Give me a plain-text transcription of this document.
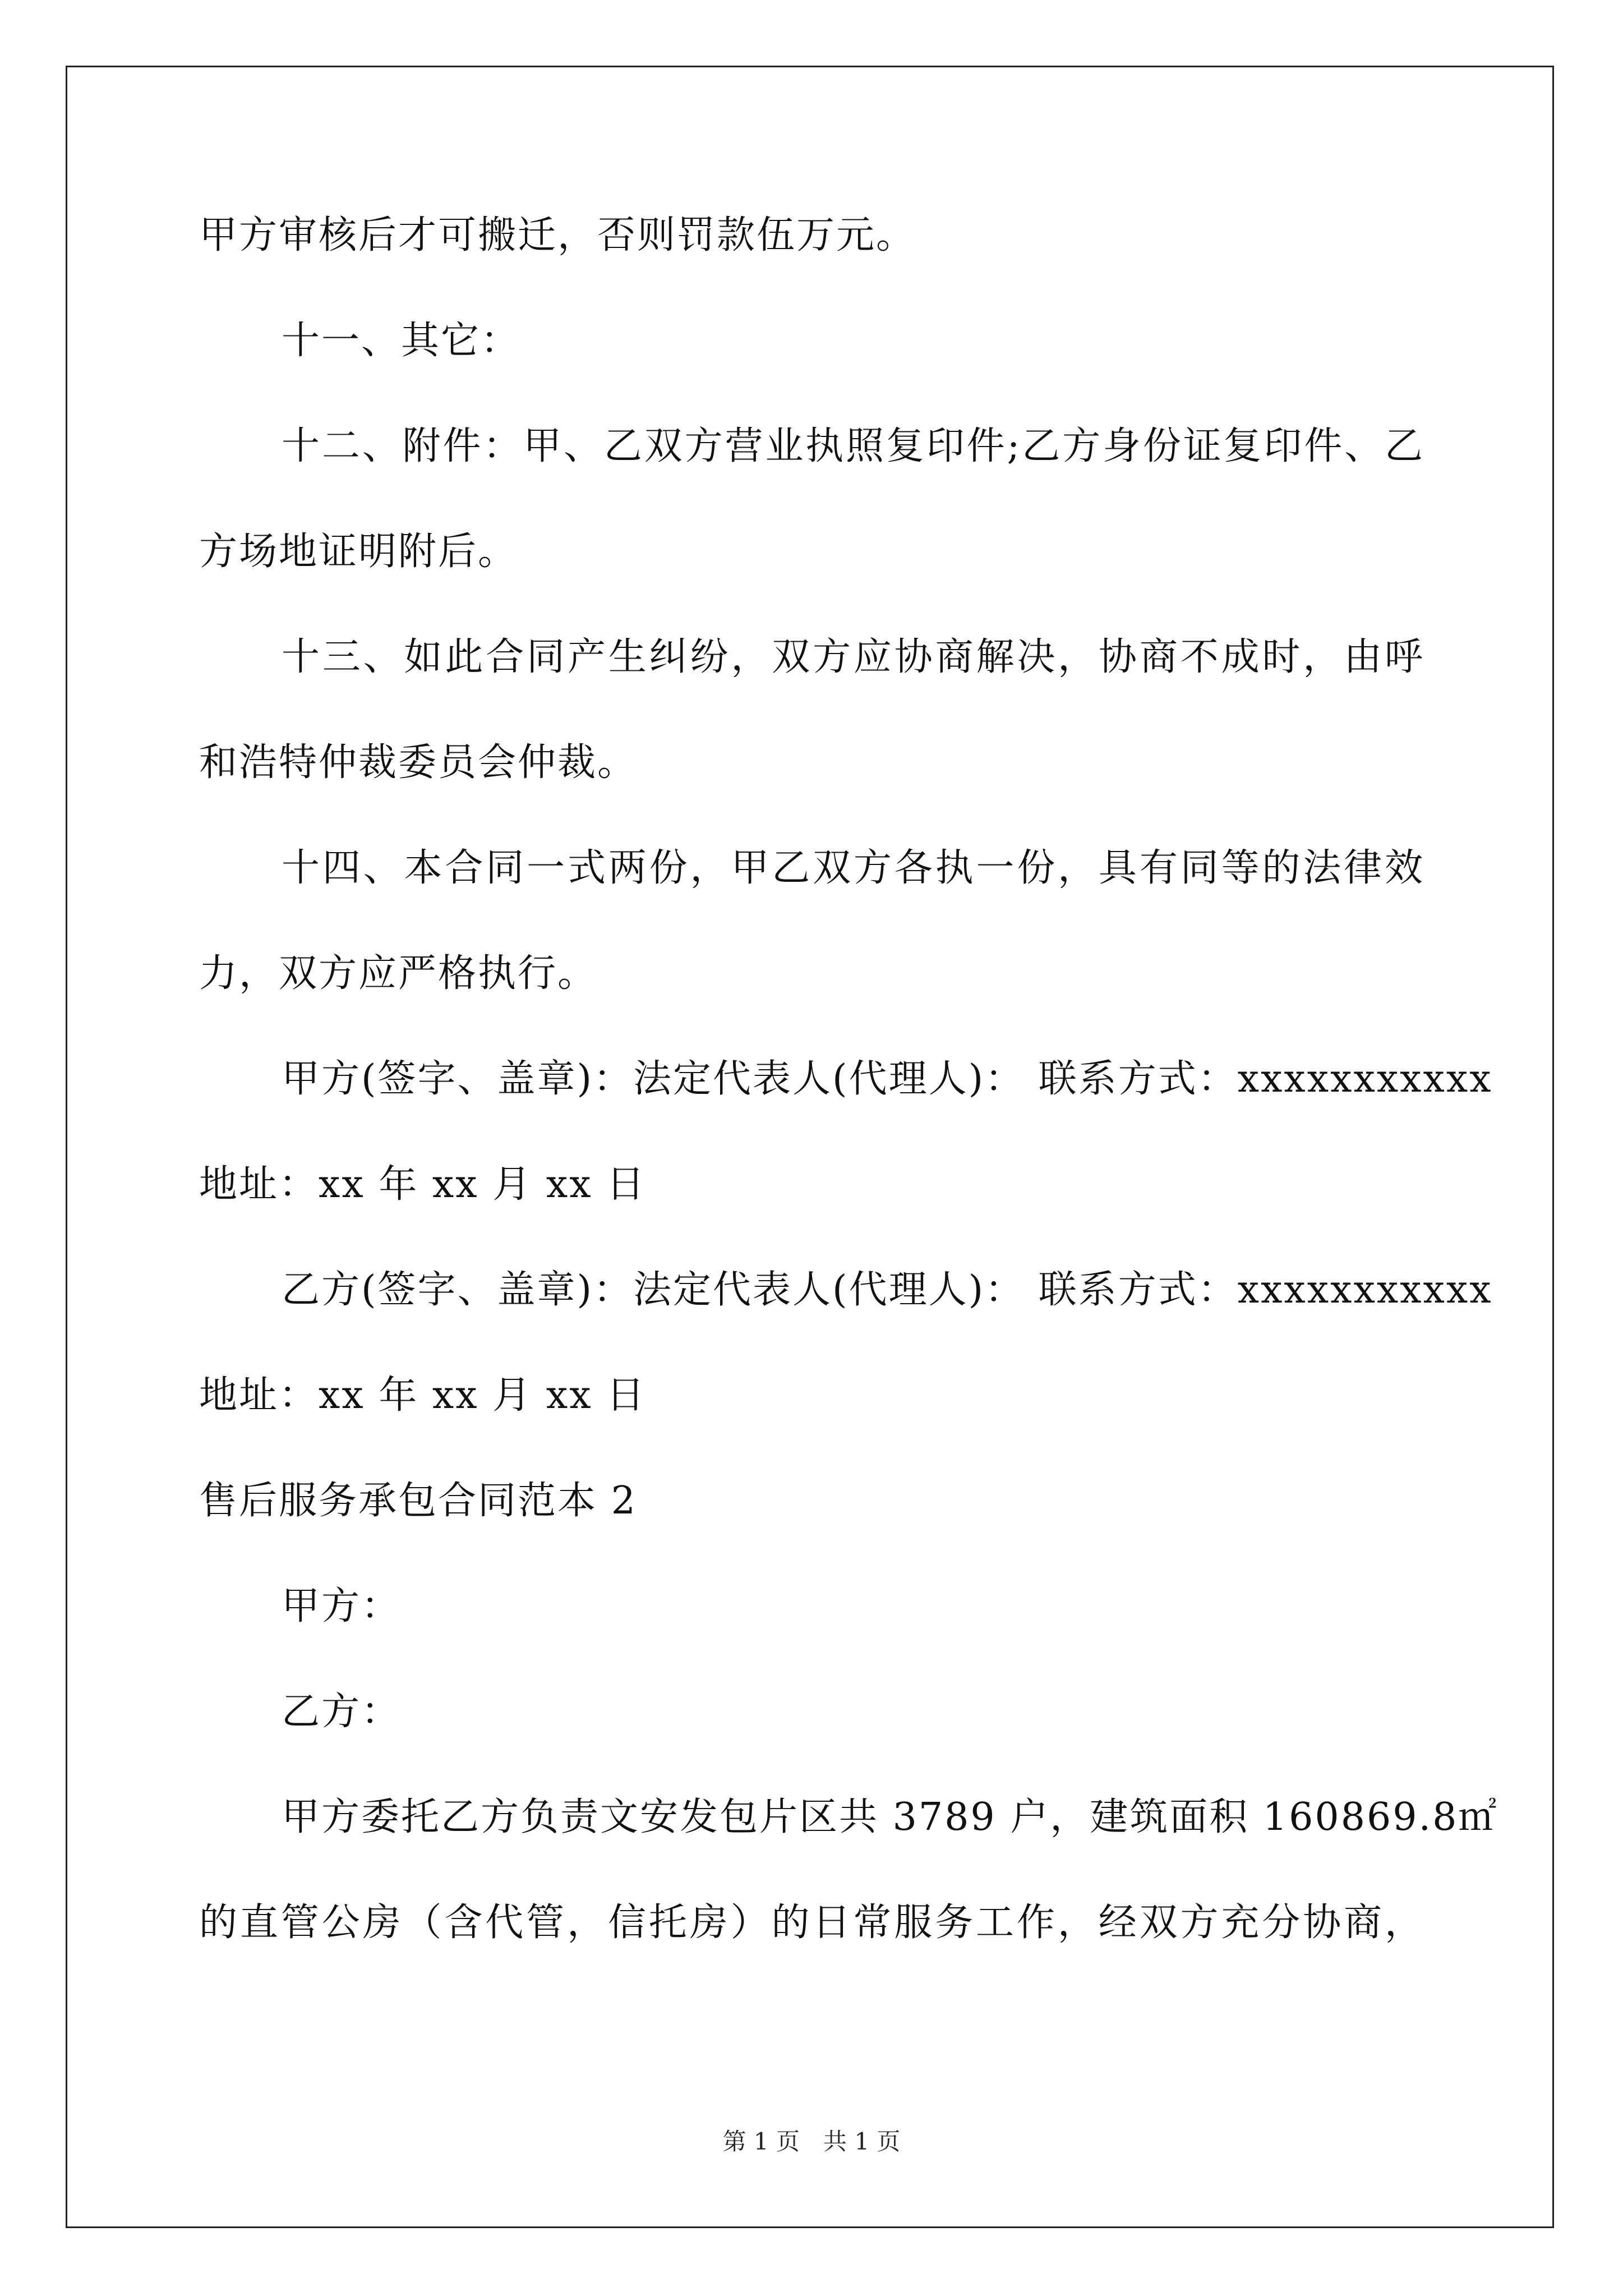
甲方审核后才可搬迁，否则罚款伍万元。
十一、其它：
十二、附件：甲、乙双方营业执照复印件;乙方身份证复印件、乙
方场地证明附后。
十三、如此合同产生纠纷，双方应协商解决，协商不成时，由呼
和浩特仲裁委员会仲裁。
十四、本合同一式两份，甲乙双方各执一份，具有同等的法律效
力，双方应严格执行。
甲方(签字、盖章)：法定代表人(代理人)： 联系方式：xxxxxxxxxxx
地址：xx 年 xx 月 xx 日
乙方(签字、盖章)：法定代表人(代理人)： 联系方式：xxxxxxxxxxx
地址：xx 年 xx 月 xx 日
售后服务承包合同范本 2
甲方：
乙方：
甲方委托乙方负责文安发包片区共 3789 户，建筑面积 160869.8㎡
的直管公房（含代管，信托房）的日常服务工作，经双方充分协商，
第 1 页　共 1 页
